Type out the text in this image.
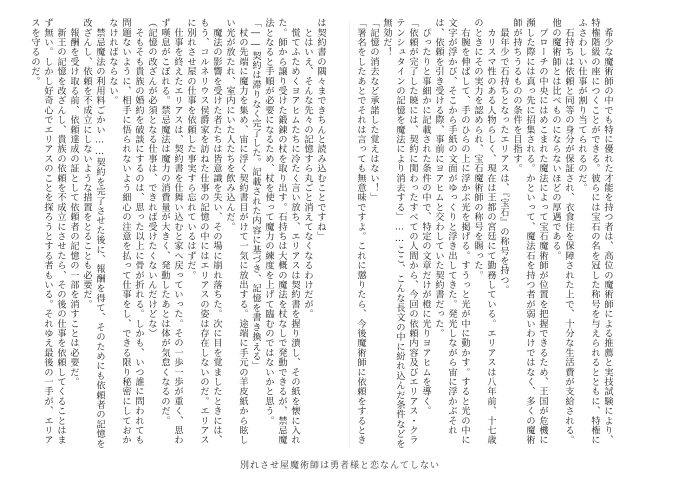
　希少な魔術師の中でも特に優れた才能を持つ者は、高位の魔術師による推薦と実技試験により、特権階級の座につくことができる。彼らには宝石の名を冠した称号を与えられるとともに、特権にふさわしい仕事が割り当てられるのだ。

　石持ちは依頼と同等の身分が保証され、衣食住を保障された上で、十分な生活費が支給される。他の魔術師とは比べものにならないほどの厚遇である。

　プローチの中央にはめこまれた魔法によって宝石魔術師が位置を把握できるため、王国が危機に瀕した際には真っ先に招集される。かといって、魔法石を持つ者が弱いわけではなく、多くの魔術師が持ちうるものの条件を目指す。

　最年少で石持ちとなったエリアスは、『宝石』の称号を持つ。

　カリスマ性のある人物らしく、現在は王都の宮廷にて勤務している。エリアスは八年前、十七歳のときにその実力を認められ、宝石魔術師の称号を賜った。

　右腕を伸ばして、手のひらの上に浮かぶ光を掲げる。すうっと光が中に動かす。すると光の中に文字が浮かび、そこから手紙の文面がゆっくりと浮き出してきた。発光しながら宙に浮かぶそれは、依頼を引き受ける際、事前にヨアヒムと交わしていた契約書だった。

　ぴったりと事細かに記載された条件の中で、特定の文章だけが橙に光りヨアヒムを導く。

「依頼が完了した暁には、契約に関わったすべての人間から、今回の依頼内容及びエリアス・クラテンシュタインの記憶を魔法により消去する」……ここ、こんな長文の中に紛れ込んだ条件などを無効だ！

「記憶の消去など承諾した覚えはない！」

「署名をしたあとでそれは言っても無意味ですよ。これに懲りたら、今後魔術師に依頼をするとき

は契約書の隅々まできちんと読み込むことですね」

　とはいえ、そんな先々の記憶すら丸ごと消えてなくなるわけだが。

　慌てふためくヨアヒムたちに冷たく言い放ち、エリアスは契約書を握り潰し、その紙を懐に入れた。師から譲り受けた鍛錬の杖を取り出す。石持ちは大概の魔法を杖なしで発動できるが、禁忌魔法となると手順が必要になるため、杖を使って魔力の練度を上げて臨むのではないかと思う。

「――契約は滞りなく完了した。記載された内容に基づき、記憶を書き換える」

　杖の先端に魔力を集め、宙に浮く契約書目がけて一気に放出する。途端に手元の羊皮紙から眩しい光が放たれ、室内にいた人たちを飲み込んだ。

　魔法の影響を受けた者たちは皆意識を失い、その場に崩れ落ちた。次に目を覚ましたときには、もう、コルネリウス侯爵家を訪ねた仕事の記憶の中にはエリアスの姿は存在しないのだ。エリアスに別れさせ屋の仕事を依頼した事実すら忘れているはずだ。

　仕事を終えたエリアスは、契約書を仕舞い込むと家へ戻っていった。その一歩一歩が重く、思わず嘆息がこぼれる。禁忌魔法は魔力の消費量が大きく、発動したあとは体が気怠くなるのだ。

（記憶の改ざんが必須となる仕事は、できれば受けたくないんだけどな）

　そもそも貴族の婚約を破談にするのは、思った以上に骨が折れる。しかも、いつ誰に問われても問題ないように、相手に悟られないよう細心の注意を払って仕事をし、できる限り秘密にしておかなければならない。

　禁忌魔法の利用料ごかい……契約を完了させた後に、報酬を得て、そのためにも依頼者の記憶を改ざんし、依頼を不成立にしないような措置をとることも必要だ。

　報酬を受け取る前、依頼達成の証として依頼者の記憶の一部を消すことは必要だ。

　新王の記憶を改ざんし、貴族の依頼を不成立にさせたら、その後の仕事を依頼してくることはまず無い。しかし好奇心でエリアスのことを探ろうとする者もいる。それゆえ最後の一手が、エリアスを守るのだ。

別れさせ屋魔術師は勇者様と恋なんてしない
